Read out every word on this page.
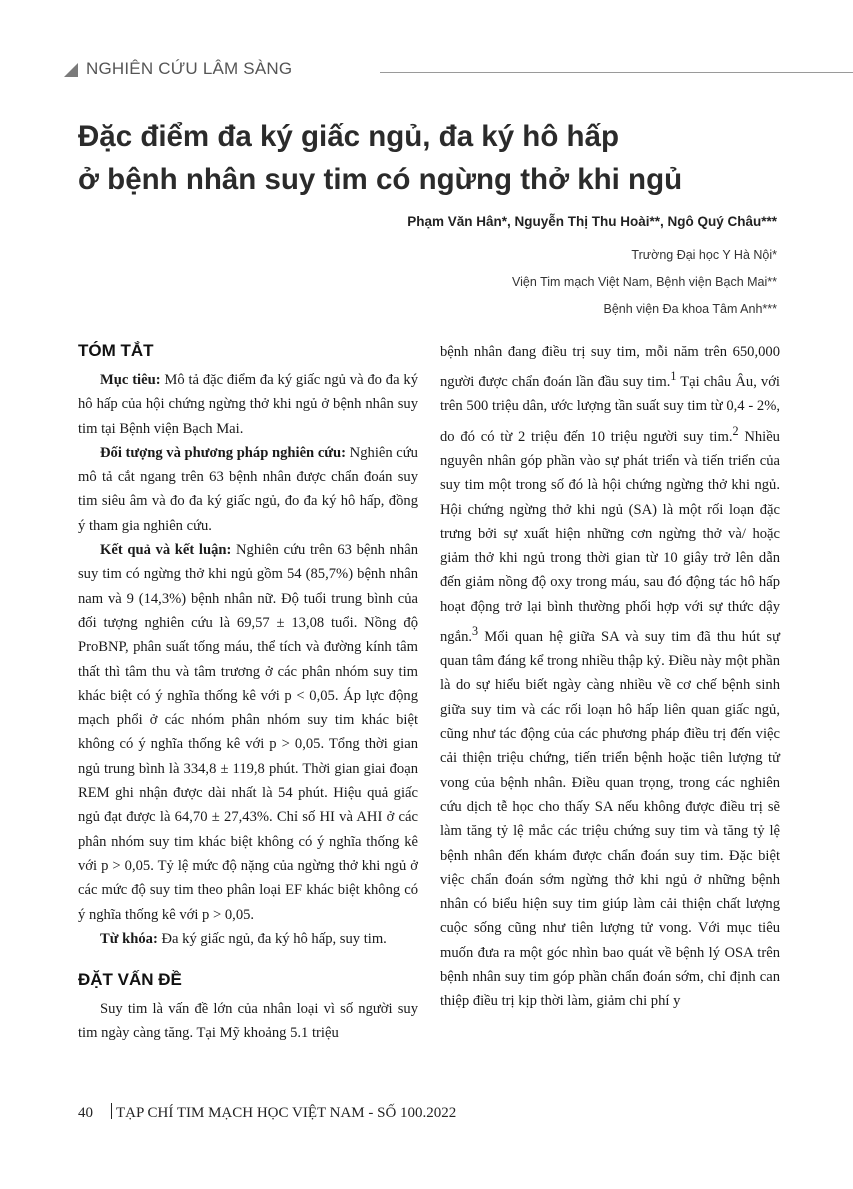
NGHIÊN CỨU LÂM SÀNG
Đặc điểm đa ký giấc ngủ, đa ký hô hấp
ở bệnh nhân suy tim có ngừng thở khi ngủ
Phạm Văn Hân*, Nguyễn Thị Thu Hoài**, Ngô Quý Châu***
Trường Đại học Y Hà Nội*
Viện Tim mạch Việt Nam, Bệnh viện Bạch Mai**
Bệnh viện Đa khoa Tâm Anh***
TÓM TẮT

Mục tiêu: Mô tả đặc điểm đa ký giấc ngủ và đo đa ký hô hấp của hội chứng ngừng thở khi ngủ ở bệnh nhân suy tim tại Bệnh viện Bạch Mai.

Đối tượng và phương pháp nghiên cứu: Nghiên cứu mô tả cắt ngang trên 63 bệnh nhân được chẩn đoán suy tim siêu âm và đo đa ký giấc ngủ, đo đa ký hô hấp, đồng ý tham gia nghiên cứu.

Kết quả và kết luận: Nghiên cứu trên 63 bệnh nhân suy tim có ngừng thở khi ngủ gồm 54 (85,7%) bệnh nhân nam và 9 (14,3%) bệnh nhân nữ. Độ tuổi trung bình của đối tượng nghiên cứu là 69,57 ± 13,08 tuổi. Nồng độ ProBNP, phân suất tống máu, thể tích và đường kính tâm thất thì tâm thu và tâm trương ở các phân nhóm suy tim khác biệt có ý nghĩa thống kê với p < 0,05. Áp lực động mạch phổi ở các nhóm phân nhóm suy tim khác biệt không có ý nghĩa thống kê với p > 0,05. Tổng thời gian ngủ trung bình là 334,8 ± 119,8 phút. Thời gian giai đoạn REM ghi nhận được dài nhất là 54 phút. Hiệu quả giấc ngủ đạt được là 64,70 ± 27,43%. Chỉ số HI và AHI ở các phân nhóm suy tim khác biệt không có ý nghĩa thống kê với p > 0,05. Tỷ lệ mức độ nặng của ngừng thở khi ngủ ở các mức độ suy tim theo phân loại EF khác biệt không có ý nghĩa thống kê với p > 0,05.

Từ khóa: Đa ký giấc ngủ, đa ký hô hấp, suy tim.

ĐẶT VẤN ĐỀ

Suy tim là vấn đề lớn của nhân loại vì số người suy tim ngày càng tăng. Tại Mỹ khoảng 5.1 triệu

bệnh nhân đang điều trị suy tim, mỗi năm trên 650,000 người được chẩn đoán lần đầu suy tim.$^1$ Tại châu Âu, với trên 500 triệu dân, ước lượng tần suất suy tim từ 0,4 - 2%, do đó có từ 2 triệu đến 10 triệu người suy tim.$^2$ Nhiều nguyên nhân góp phần vào sự phát triển và tiến triển của suy tim một trong số đó là hội chứng ngừng thở khi ngủ. Hội chứng ngừng thở khi ngủ (SA) là một rối loạn đặc trưng bởi sự xuất hiện những cơn ngừng thở và/ hoặc giảm thở khi ngủ trong thời gian từ 10 giây trở lên dẫn đến giảm nồng độ oxy trong máu, sau đó động tác hô hấp hoạt động trở lại bình thường phối hợp với sự thức dậy ngắn.$^3$ Mối quan hệ giữa SA và suy tim đã thu hút sự quan tâm đáng kể trong nhiều thập kỷ. Điều này một phần là do sự hiểu biết ngày càng nhiều về cơ chế bệnh sinh giữa suy tim và các rối loạn hô hấp liên quan giấc ngủ, cũng như tác động của các phương pháp điều trị đến việc cải thiện triệu chứng, tiến triển bệnh hoặc tiên lượng tử vong của bệnh nhân. Điều quan trọng, trong các nghiên cứu dịch tễ học cho thấy SA nếu không được điều trị sẽ làm tăng tỷ lệ mắc các triệu chứng suy tim và tăng tỷ lệ bệnh nhân đến khám được chẩn đoán suy tim. Đặc biệt việc chẩn đoán sớm ngừng thở khi ngủ ở những bệnh nhân có biểu hiện suy tim giúp làm cải thiện chất lượng cuộc sống cũng như tiên lượng tử vong. Với mục tiêu muốn đưa ra một góc nhìn bao quát về bệnh lý OSA trên bệnh nhân suy tim góp phần chẩn đoán sớm, chỉ định can thiệp điều trị kịp thời làm, giảm chi phí y

40 TẠP CHÍ TIM MẠCH HỌC VIỆT NAM - SỐ 100.2022
